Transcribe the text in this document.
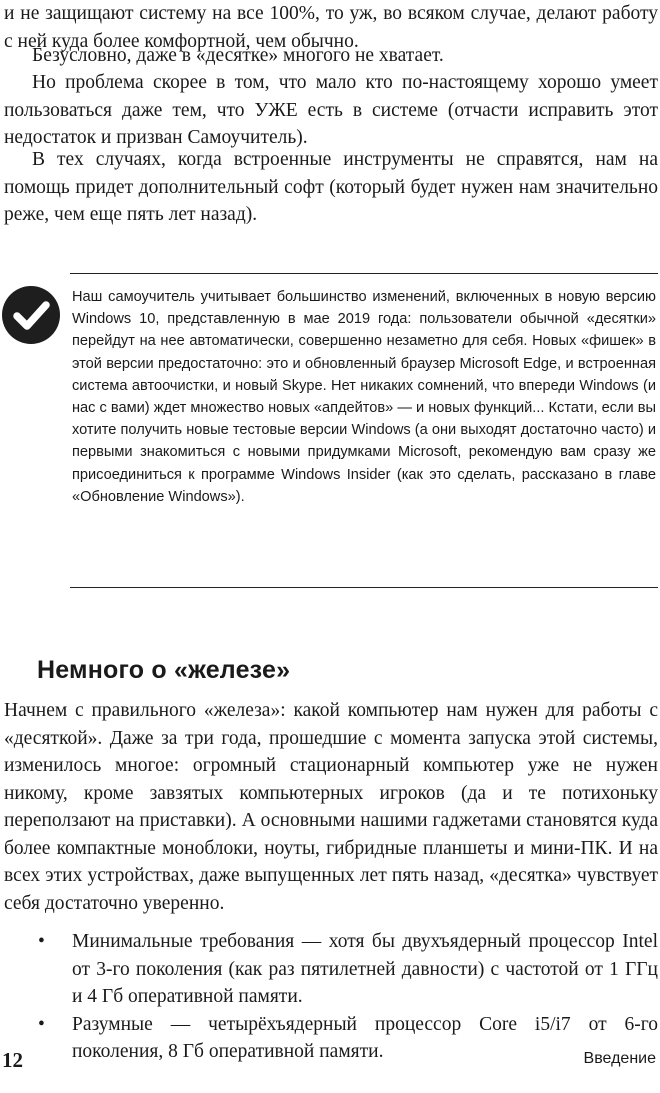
и не защищают систему на все 100%, то уж, во всяком случае, делают работу с ней куда более комфортной, чем обычно.

Безусловно, даже в «десятке» многого не хватает.

Но проблема скорее в том, что мало кто по-настоящему хорошо умеет пользоваться даже тем, что УЖЕ есть в системе (отчасти исправить этот недостаток и призван Самоучитель).

В тех случаях, когда встроенные инструменты не справятся, нам на помощь придет дополнительный софт (который будет нужен нам значительно реже, чем еще пять лет назад).

Наш самоучитель учитывает большинство изменений, включенных в новую версию Windows 10, представленную в мае 2019 года: пользователи обычной «десятки» перейдут на нее автоматически, совершенно незаметно для себя. Новых «фишек» в этой версии предостаточно: это и обновленный браузер Microsoft Edge, и встроенная система автоочистки, и новый Skype. Нет никаких сомнений, что впереди Windows (и нас с вами) ждет множество новых «апдейтов» — и новых функций... Кстати, если вы хотите получить новые тестовые версии Windows (а они выходят достаточно часто) и первыми знакомиться с новыми придумками Microsoft, рекомендую вам сразу же присоединиться к программе Windows Insider (как это сделать, рассказано в главе «Обновление Windows»).

Немного о «железе»

Начнем с правильного «железа»: какой компьютер нам нужен для работы с «десяткой». Даже за три года, прошедшие с момента запуска этой системы, изменилось многое: огромный стационарный компьютер уже не нужен никому, кроме завзятых компьютерных игроков (да и те потихоньку переползают на приставки). А основными нашими гаджетами становятся куда более компактные моноблоки, ноуты, гибридные планшеты и мини-ПК. И на всех этих устройствах, даже выпущенных лет пять назад, «десятка» чувствует себя достаточно уверенно.

• Минимальные требования — хотя бы двухъядерный процессор Intel от 3-го поколения (как раз пятилетней давности) с частотой от 1 ГГц и 4 Гб оперативной памяти.
• Разумные — четырёхъядерный процессор Core i5/i7 от 6-го поколения, 8 Гб оперативной памяти.
12	Введение
